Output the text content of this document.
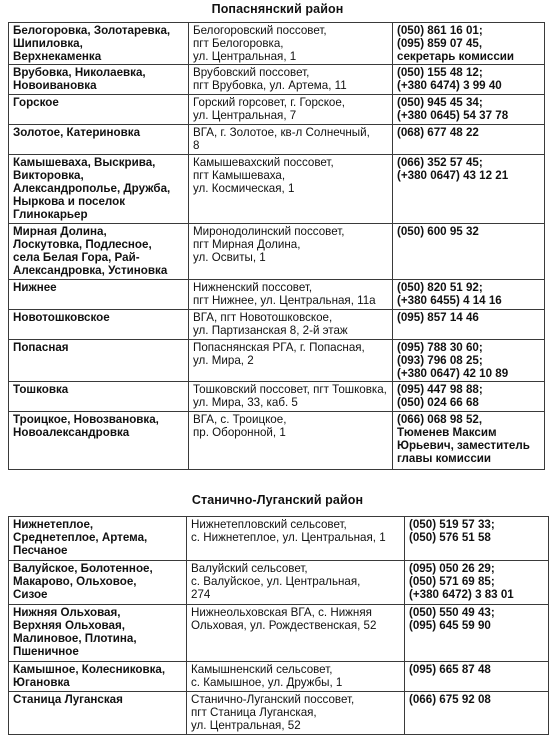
Попаснянский район
Белогоровка, Золотаревка,
Шипиловка,
Верхнекаменка	Белогоровский поссовет,
пгт Белогоровка,
ул. Центральная, 1	(050) 861 16 01;
(095) 859 07 45,
секретарь комиссии

Врубовка, Николаевка,
Новоивановка	Врубовский поссовет,
пгт Врубовка, ул. Артема, 11	(050) 155 48 12;
(+380 6474) 3 99 40

Горское	Горский горсовет, г. Горское,
ул. Центральная, 7	(050) 945 45 34;
(+380 0645) 54 37 78

Золотое, Катериновка	ВГА, г. Золотое, кв-л Солнечный,
8	(068) 677 48 22

Камышеваха, Выскрива,
Викторовка,
Александрополье, Дружба,
Ныркова и поселок
Глинокарьер	Камышевахский поссовет,
пгт Камышеваха,
ул. Космическая, 1	(066) 352 57 45;
(+380 0647) 43 12 21

Мирная Долина,
Лоскутовка, Подлесное,
села Белая Гора, Рай-
Александровка, Устиновка	Миронодолинский поссовет,
пгт Мирная Долина,
ул. Освиты, 1	(050) 600 95 32

Нижнее	Нижненский поссовет,
пгт Нижнее, ул. Центральная, 11а	(050) 820 51 92;
(+380 6455) 4 14 16

Новотошковское	ВГА, пгт Новотошковское,
ул. Партизанская 8, 2-й этаж	(095) 857 14 46

Попасная	Попаснянская РГА, г. Попасная,
ул. Мира, 2	(095) 788 30 60;
(093) 796 08 25;
(+380 0647) 42 10 89

Тошковка	Тошковский поссовет, пгт Тошковка,
ул. Мира, 33, каб. 5	(095) 447 98 88;
(050) 024 66 68

Троицкое, Новозвановка,
Новоалександровка	ВГА, с. Троицкое,
пр. Оборонной, 1	(066) 068 98 52,
Тюменев Максим
Юрьевич, заместитель
главы комиссии
Станично-Луганский район
Нижнетеплое,
Среднетеплое, Артема,
Песчаное	Нижнетепловский сельсовет,
с. Нижнетеплое, ул. Центральная, 1	(050) 519 57 33;
(050) 576 51 58

Валуйское, Болотенное,
Макарово, Ольховое,
Сизое	Валуйский сельсовет,
с. Валуйское, ул. Центральная,
274	(095) 050 26 29;
(050) 571 69 85;
(+380 6472) 3 83 01

Нижняя Ольховая,
Верхняя Ольховая,
Малиновое, Плотина,
Пшеничное	Нижнеольховская ВГА, с. Нижняя
Ольховая, ул. Рождественская, 52	(050) 550 49 43;
(095) 645 59 90

Камышное, Колесниковка,
Югановка	Камышненский сельсовет,
с. Камышное, ул. Дружбы, 1	(095) 665 87 48

Станица Луганская	Станично-Луганский поссовет,
пгт Станица Луганская,
ул. Центральная, 52	(066) 675 92 08
